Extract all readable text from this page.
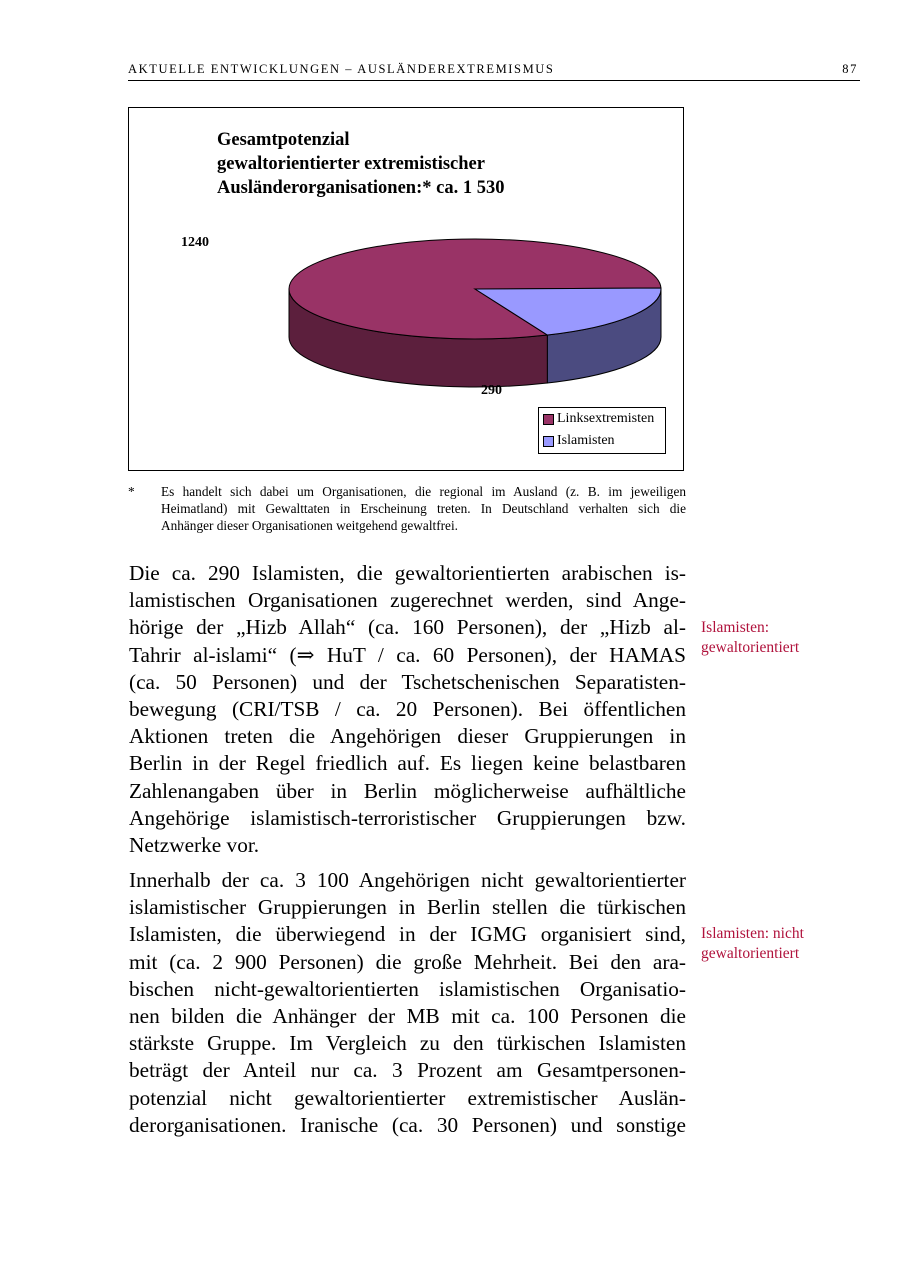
AKTUELLE ENTWICKLUNGEN – AUSLÄNDEREXTREMISMUS	87

Gesamtpotenzial
gewaltorientierter extremistischer
Ausländerorganisationen:* ca. 1 530

1240
290
Linksextremisten
Islamisten
* Es handelt sich dabei um Organisationen, die regional im Ausland (z. B. im jeweiligen
Heimatland) mit Gewalttaten in Erscheinung treten. In Deutschland verhalten sich die
Anhänger dieser Organisationen weitgehend gewaltfrei.
Die ca. 290 Islamisten, die gewaltorientierten arabischen is-
lamistischen Organisationen zugerechnet werden, sind Ange-
hörige der „Hizb Allah“ (ca. 160 Personen), der „Hizb al-
Tahrir al-islami“ (⇒ HuT / ca. 60 Personen), der HAMAS
(ca. 50 Personen) und der Tschetschenischen Separatisten-
bewegung (CRI/TSB / ca. 20 Personen). Bei öffentlichen
Aktionen treten die Angehörigen dieser Gruppierungen in
Berlin in der Regel friedlich auf. Es liegen keine belastbaren
Zahlenangaben über in Berlin möglicherweise aufhältliche
Angehörige islamistisch-terroristischer Gruppierungen bzw.
Netzwerke vor.
Innerhalb der ca. 3 100 Angehörigen nicht gewaltorientierter
islamistischer Gruppierungen in Berlin stellen die türkischen
Islamisten, die überwiegend in der IGMG organisiert sind,
mit (ca. 2 900 Personen) die große Mehrheit. Bei den ara-
bischen nicht-gewaltorientierten islamistischen Organisatio-
nen bilden die Anhänger der MB mit ca. 100 Personen die
stärkste Gruppe. Im Vergleich zu den türkischen Islamisten
beträgt der Anteil nur ca. 3 Prozent am Gesamtpersonen-
potenzial nicht gewaltorientierter extremistischer Auslän-
derorganisationen. Iranische (ca. 30 Personen) und sonstige
Islamisten:
gewaltorientiert
Islamisten: nicht
gewaltorientiert
